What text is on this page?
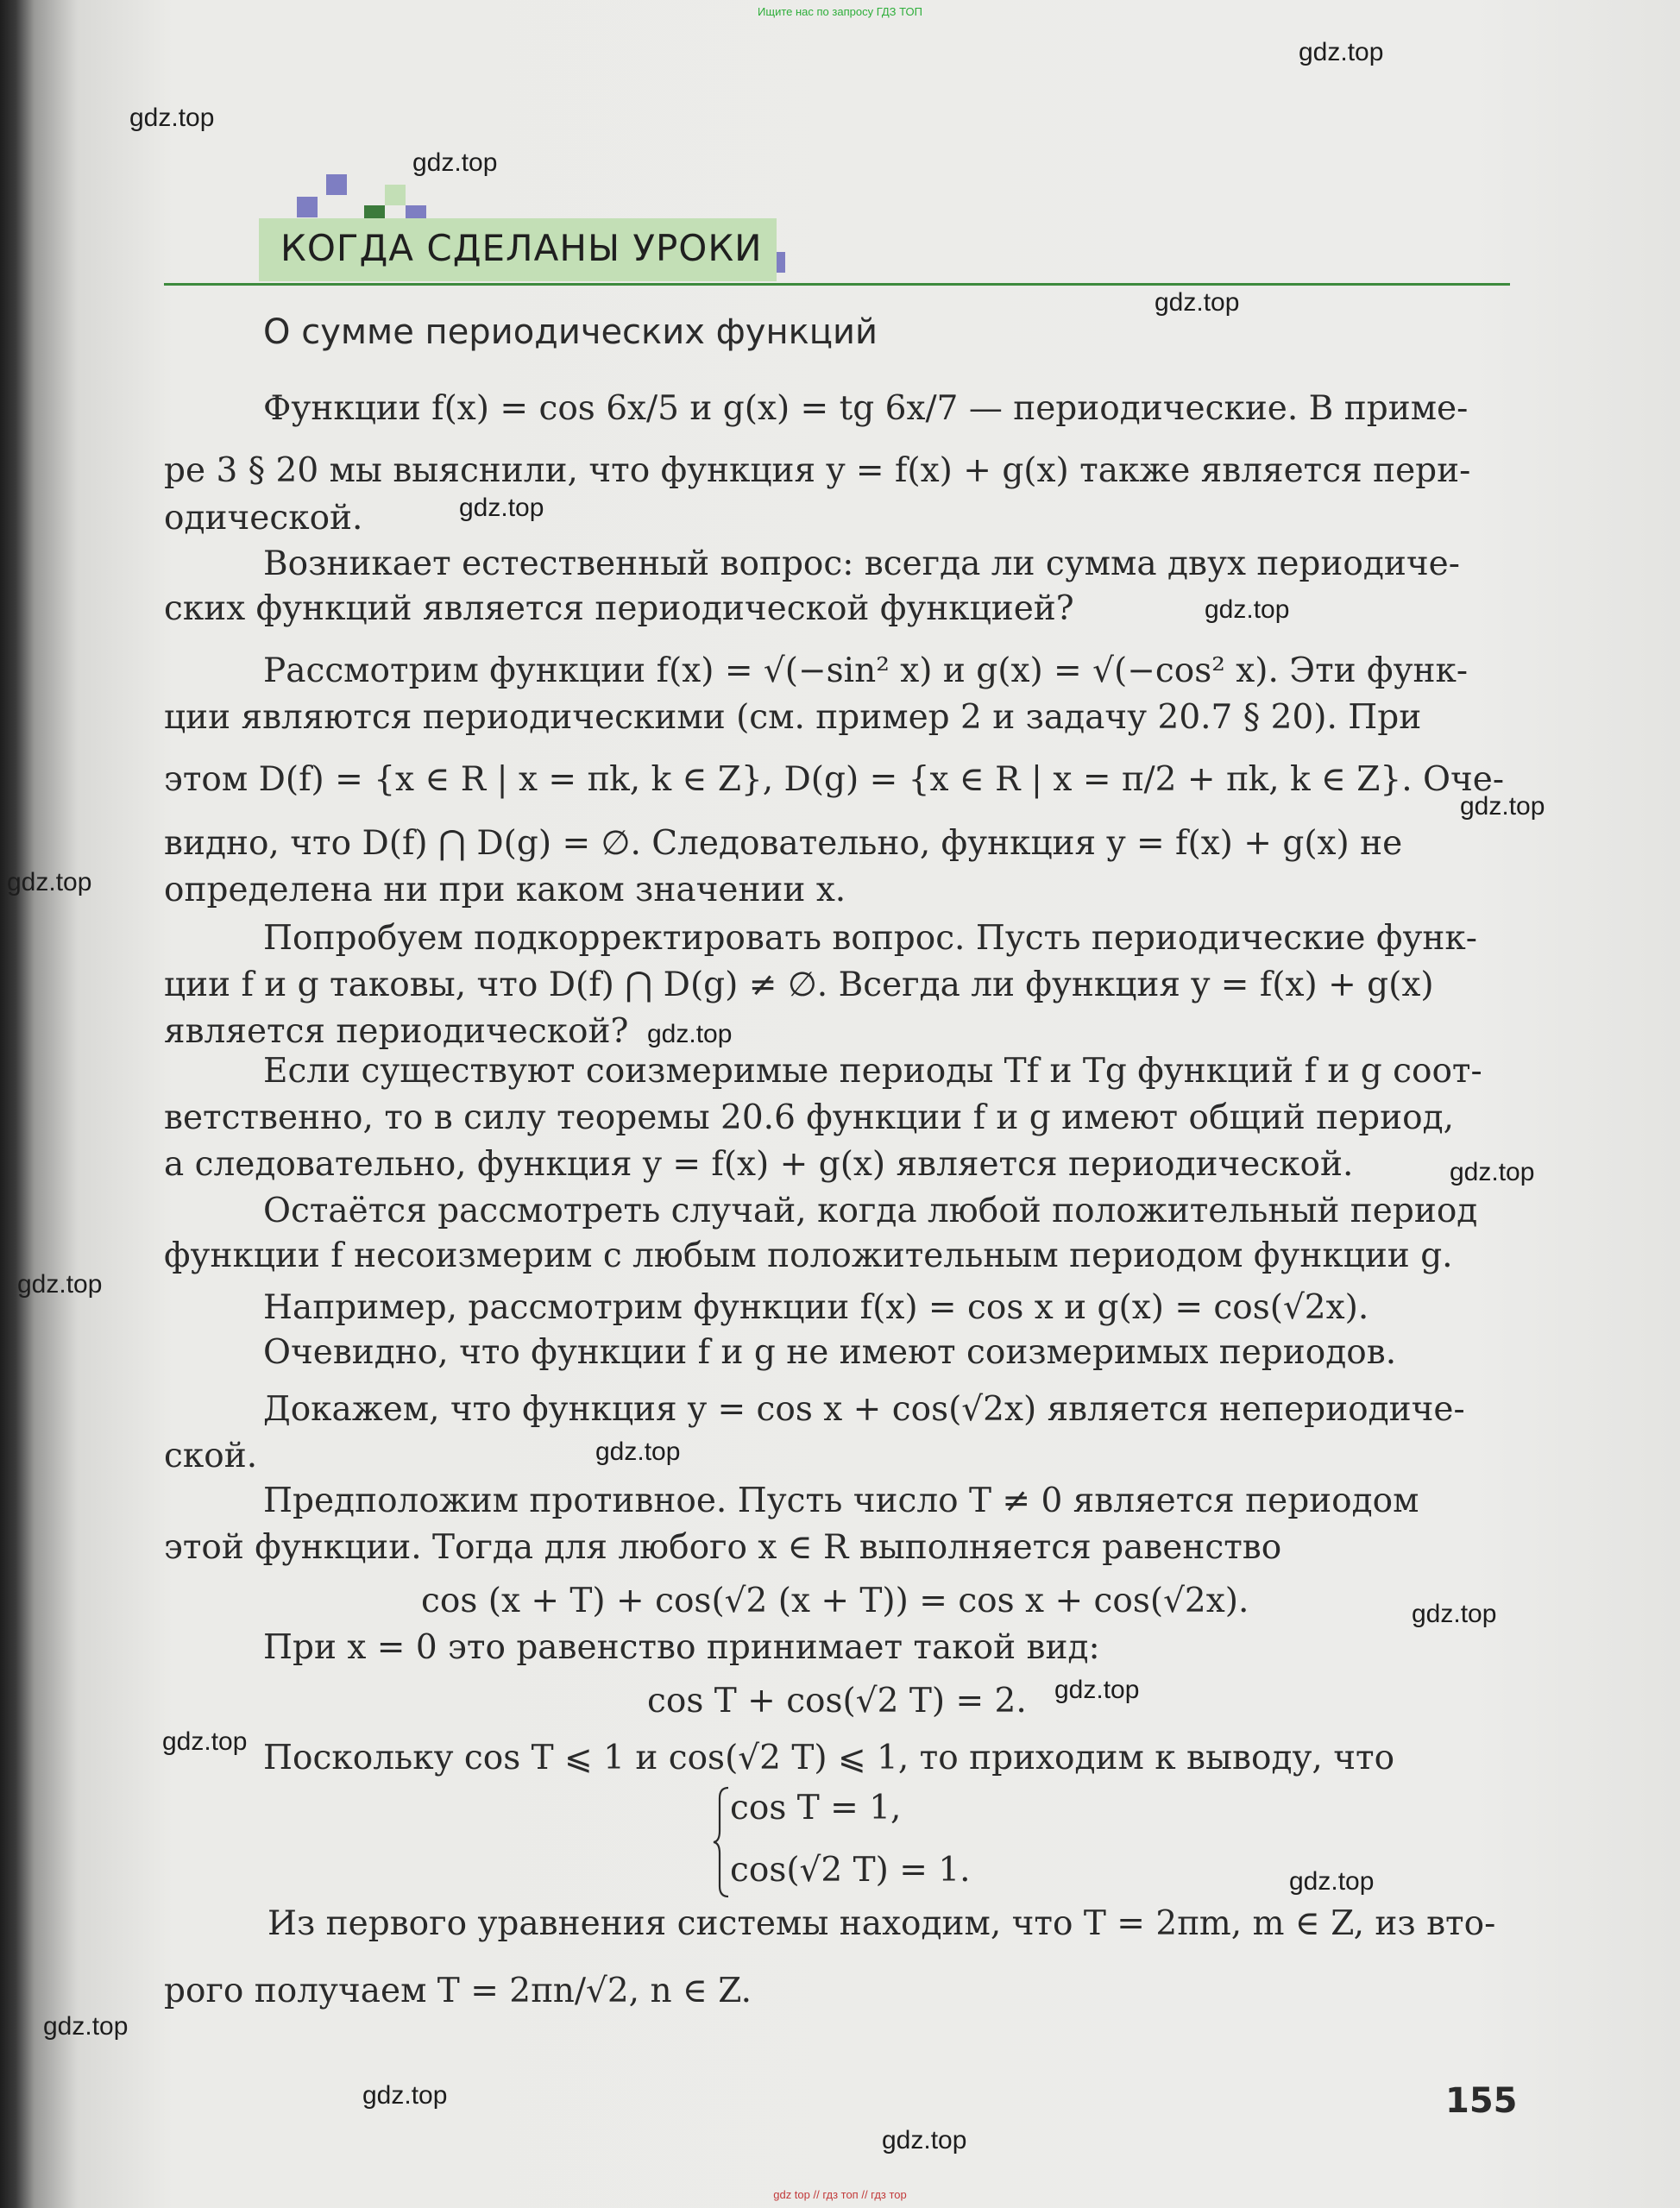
Ищите нас по запросу ГДЗ ТОП
gdz.top
gdz.top
gdz.top
gdz.top
gdz.top
gdz.top
gdz.top
gdz.top
gdz.top
gdz.top
gdz.top
gdz.top
gdz.top
gdz.top
gdz.top
gdz.top
gdz.top
gdz.top
gdz.top
КОГДА СДЕЛАНЫ УРОКИ
О сумме периодических функций
Функции f(x) = cos 6x/5 и g(x) = tg 6x/7 — периодические. В приме-
ре 3 § 20 мы выяснили, что функция y = f(x) + g(x) также является пери-
одической.
Возникает естественный вопрос: всегда ли сумма двух периодиче-
ских функций является периодической функцией?
Рассмотрим функции f(x) = √(−sin² x) и g(x) = √(−cos² x). Эти функ-
ции являются периодическими (см. пример 2 и задачу 20.7 § 20). При
этом D(f) = {x ∈ R | x = πk, k ∈ Z}, D(g) = {x ∈ R | x = π/2 + πk, k ∈ Z}. Оче-
видно, что D(f) ⋂ D(g) = ∅. Следовательно, функция y = f(x) + g(x) не
определена ни при каком значении x.
Попробуем подкорректировать вопрос. Пусть периодические функ-
ции f и g таковы, что D(f) ⋂ D(g) ≠ ∅. Всегда ли функция y = f(x) + g(x)
является периодической?
Если существуют соизмеримые периоды Tf и Tg функций f и g соот-
ветственно, то в силу теоремы 20.6 функции f и g имеют общий период,
а следовательно, функция y = f(x) + g(x) является периодической.
Остаётся рассмотреть случай, когда любой положительный период
функции f несоизмерим с любым положительным периодом функции g.
Например, рассмотрим функции f(x) = cos x и g(x) = cos(√2x).
Очевидно, что функции f и g не имеют соизмеримых периодов.
Докажем, что функция y = cos x + cos(√2x) является непериодиче-
ской.
Предположим противное. Пусть число T ≠ 0 является периодом
этой функции. Тогда для любого x ∈ R выполняется равенство
cos (x + T) + cos(√2 (x + T)) = cos x + cos(√2x).
При x = 0 это равенство принимает такой вид:
cos T + cos(√2 T) = 2.
Поскольку cos T ⩽ 1 и cos(√2 T) ⩽ 1, то приходим к выводу, что
cos T = 1,
cos(√2 T) = 1.
Из первого уравнения системы находим, что T = 2πm, m ∈ Z, из вто-
рого получаем T = 2πn/√2, n ∈ Z.
155
gdz top // гдз топ // гдз тор
